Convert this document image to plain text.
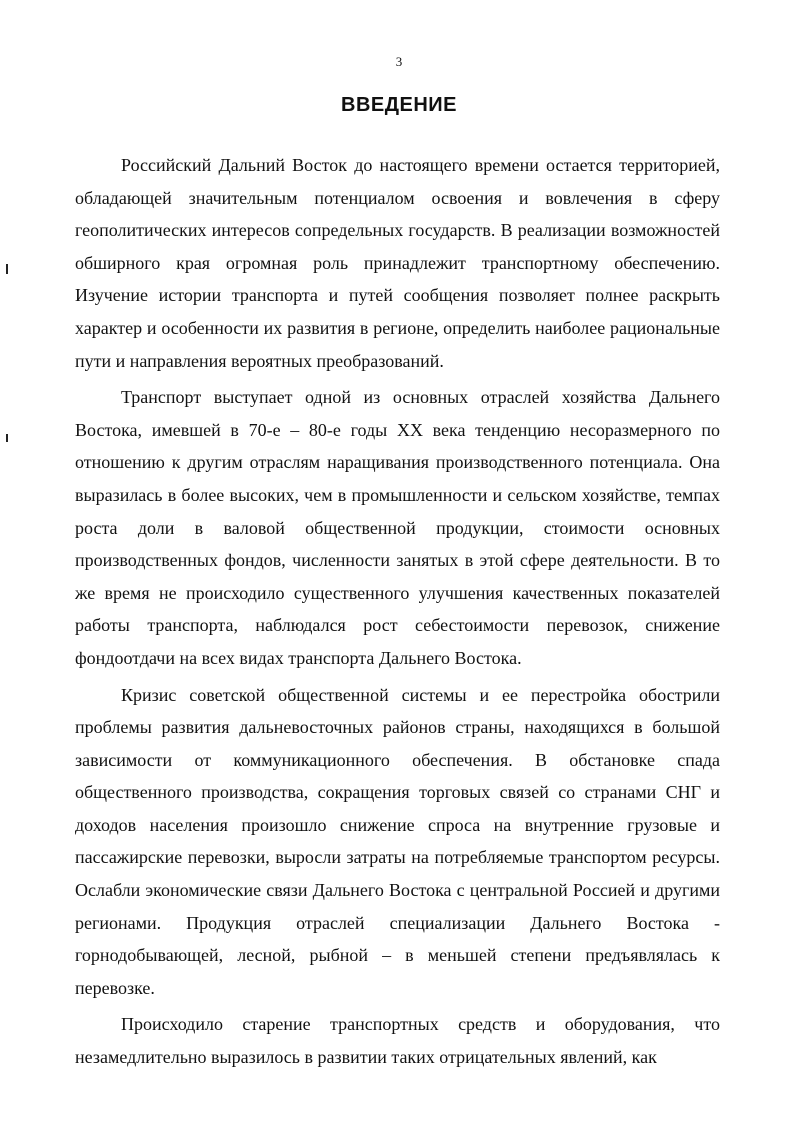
3
ВВЕДЕНИЕ

Российский Дальний Восток до настоящего времени остается территорией, обладающей значительным потенциалом освоения и вовлечения в сферу геополитических интересов сопредельных государств. В реализации возможностей обширного края огромная роль принадлежит транспортному обеспечению. Изучение истории транспорта и путей сообщения позволяет полнее раскрыть характер и особенности их развития в регионе, определить наиболее рациональные пути и направления вероятных преобразований.

Транспорт выступает одной из основных отраслей хозяйства Дальнего Востока, имевшей в 70-е – 80-е годы XX века тенденцию несоразмерного по отношению к другим отраслям наращивания производственного потенциала. Она выразилась в более высоких, чем в промышленности и сельском хозяйстве, темпах роста доли в валовой общественной продукции, стоимости основных производственных фондов, численности занятых в этой сфере деятельности. В то же время не происходило существенного улучшения качественных показателей работы транспорта, наблюдался рост себестоимости перевозок, снижение фондоотдачи на всех видах транспорта Дальнего Востока.

Кризис советской общественной системы и ее перестройка обострили проблемы развития дальневосточных районов страны, находящихся в большой зависимости от коммуникационного обеспечения. В обстановке спада общественного производства, сокращения торговых связей со странами СНГ и доходов населения произошло снижение спроса на внутренние грузовые и пассажирские перевозки, выросли затраты на потребляемые транспортом ресурсы. Ослабли экономические связи Дальнего Востока с центральной Россией и другими регионами. Продукция отраслей специализации Дальнего Востока - горнодобывающей, лесной, рыбной – в меньшей степени предъявлялась к перевозке.

Происходило старение транспортных средств и оборудования, что незамедлительно выразилось в развитии таких отрицательных явлений, как
